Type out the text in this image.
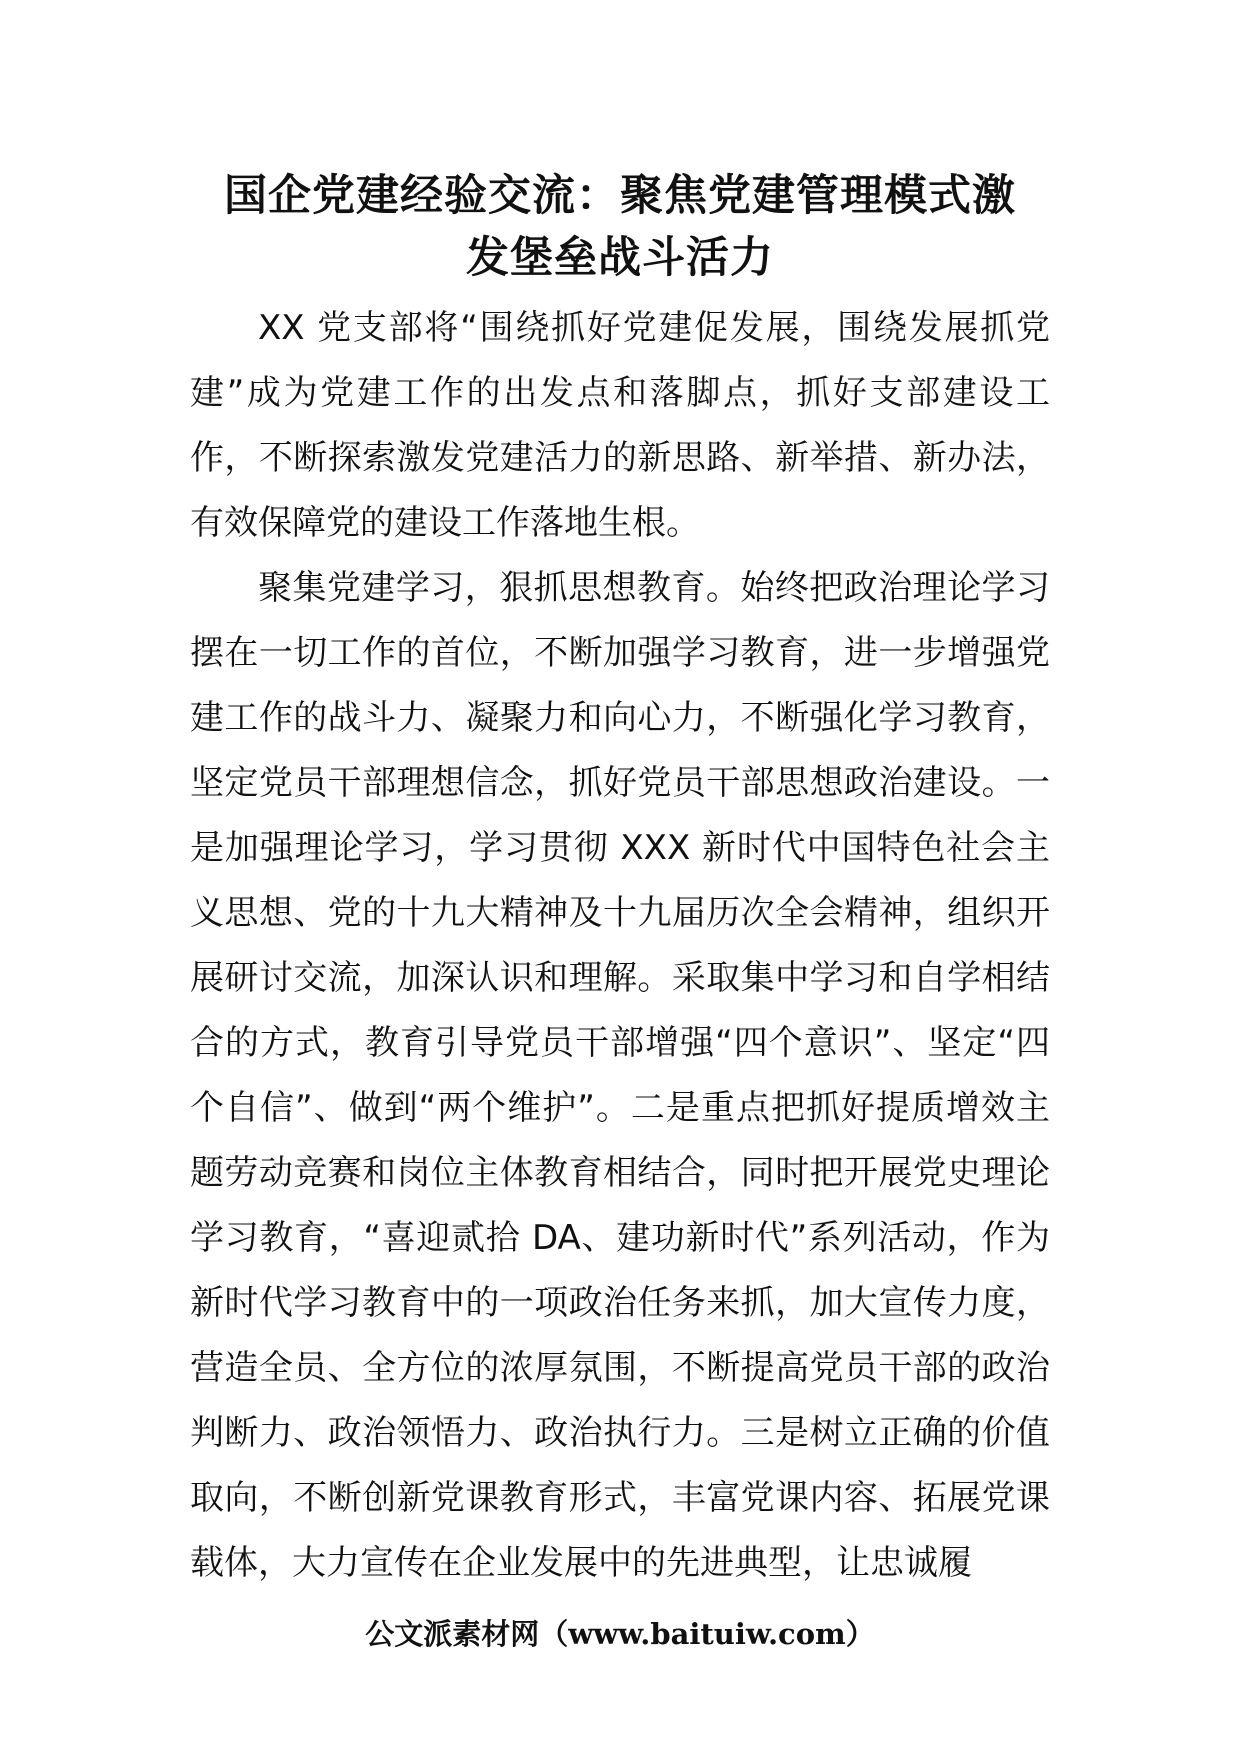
国企党建经验交流：聚焦党建管理模式激
发堡垒战斗活力

XX 党支部将“围绕抓好党建促发展，围绕发展抓党建”成为党建工作的出发点和落脚点，抓好支部建设工作，不断探索激发党建活力的新思路、新举措、新办法，有效保障党的建设工作落地生根。

聚集党建学习，狠抓思想教育。始终把政治理论学习摆在一切工作的首位，不断加强学习教育，进一步增强党建工作的战斗力、凝聚力和向心力，不断强化学习教育，坚定党员干部理想信念，抓好党员干部思想政治建设。一是加强理论学习，学习贯彻 XXX 新时代中国特色社会主义思想、党的十九大精神及十九届历次全会精神，组织开展研讨交流，加深认识和理解。采取集中学习和自学相结合的方式，教育引导党员干部增强“四个意识”、坚定“四个自信”、做到“两个维护”。二是重点把抓好提质增效主题劳动竞赛和岗位主体教育相结合，同时把开展党史理论学习教育，“喜迎贰拾 DA、建功新时代”系列活动，作为新时代学习教育中的一项政治任务来抓，加大宣传力度，营造全员、全方位的浓厚氛围，不断提高党员干部的政治判断力、政治领悟力、政治执行力。三是树立正确的价值取向，不断创新党课教育形式，丰富党课内容、拓展党课载体，大力宣传在企业发展中的先进典型，让忠诚履

公文派素材网（www.baituiw.com）
